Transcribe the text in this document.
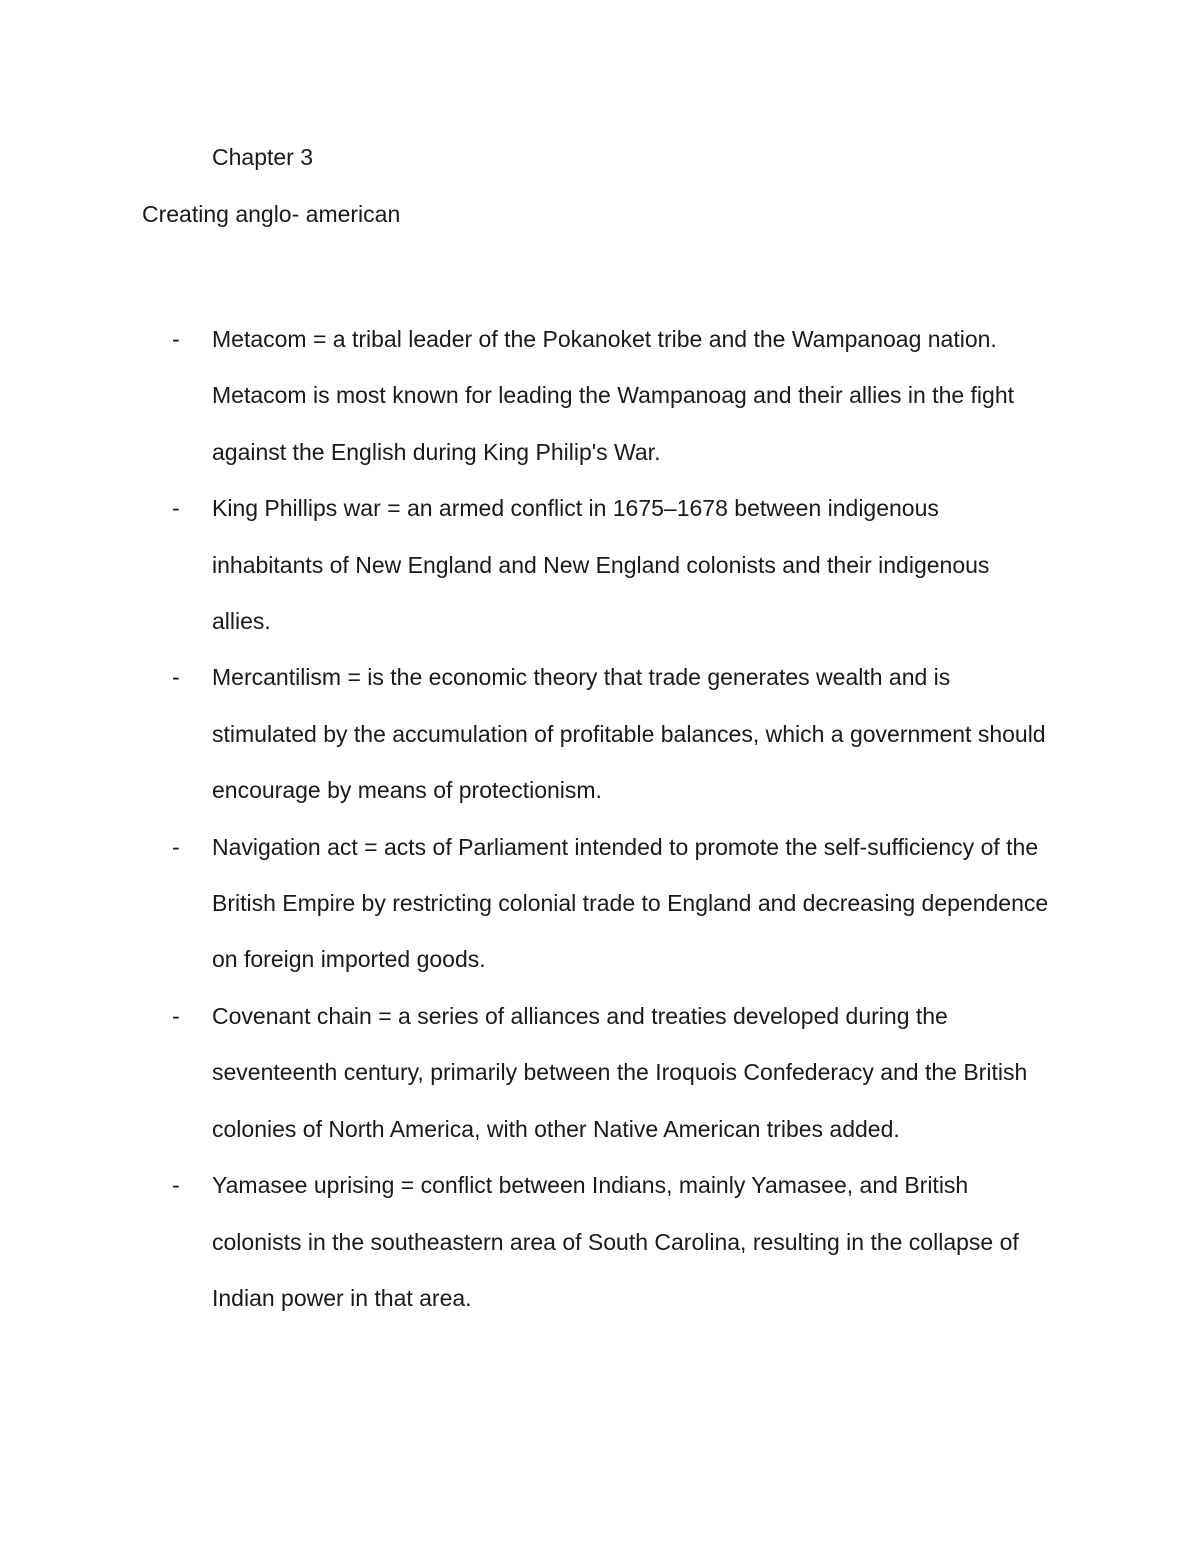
Chapter 3
Creating anglo- american
- Metacom = a tribal leader of the Pokanoket tribe and the Wampanoag nation. Metacom is most known for leading the Wampanoag and their allies in the fight against the English during King Philip's War.
- King Phillips war = an armed conflict in 1675–1678 between indigenous inhabitants of New England and New England colonists and their indigenous allies.
- Mercantilism = is the economic theory that trade generates wealth and is stimulated by the accumulation of profitable balances, which a government should encourage by means of protectionism.
- Navigation act = acts of Parliament intended to promote the self-sufficiency of the British Empire by restricting colonial trade to England and decreasing dependence on foreign imported goods.
- Covenant chain = a series of alliances and treaties developed during the seventeenth century, primarily between the Iroquois Confederacy and the British colonies of North America, with other Native American tribes added.
- Yamasee uprising = conflict between Indians, mainly Yamasee, and British colonists in the southeastern area of South Carolina, resulting in the collapse of Indian power in that area.
